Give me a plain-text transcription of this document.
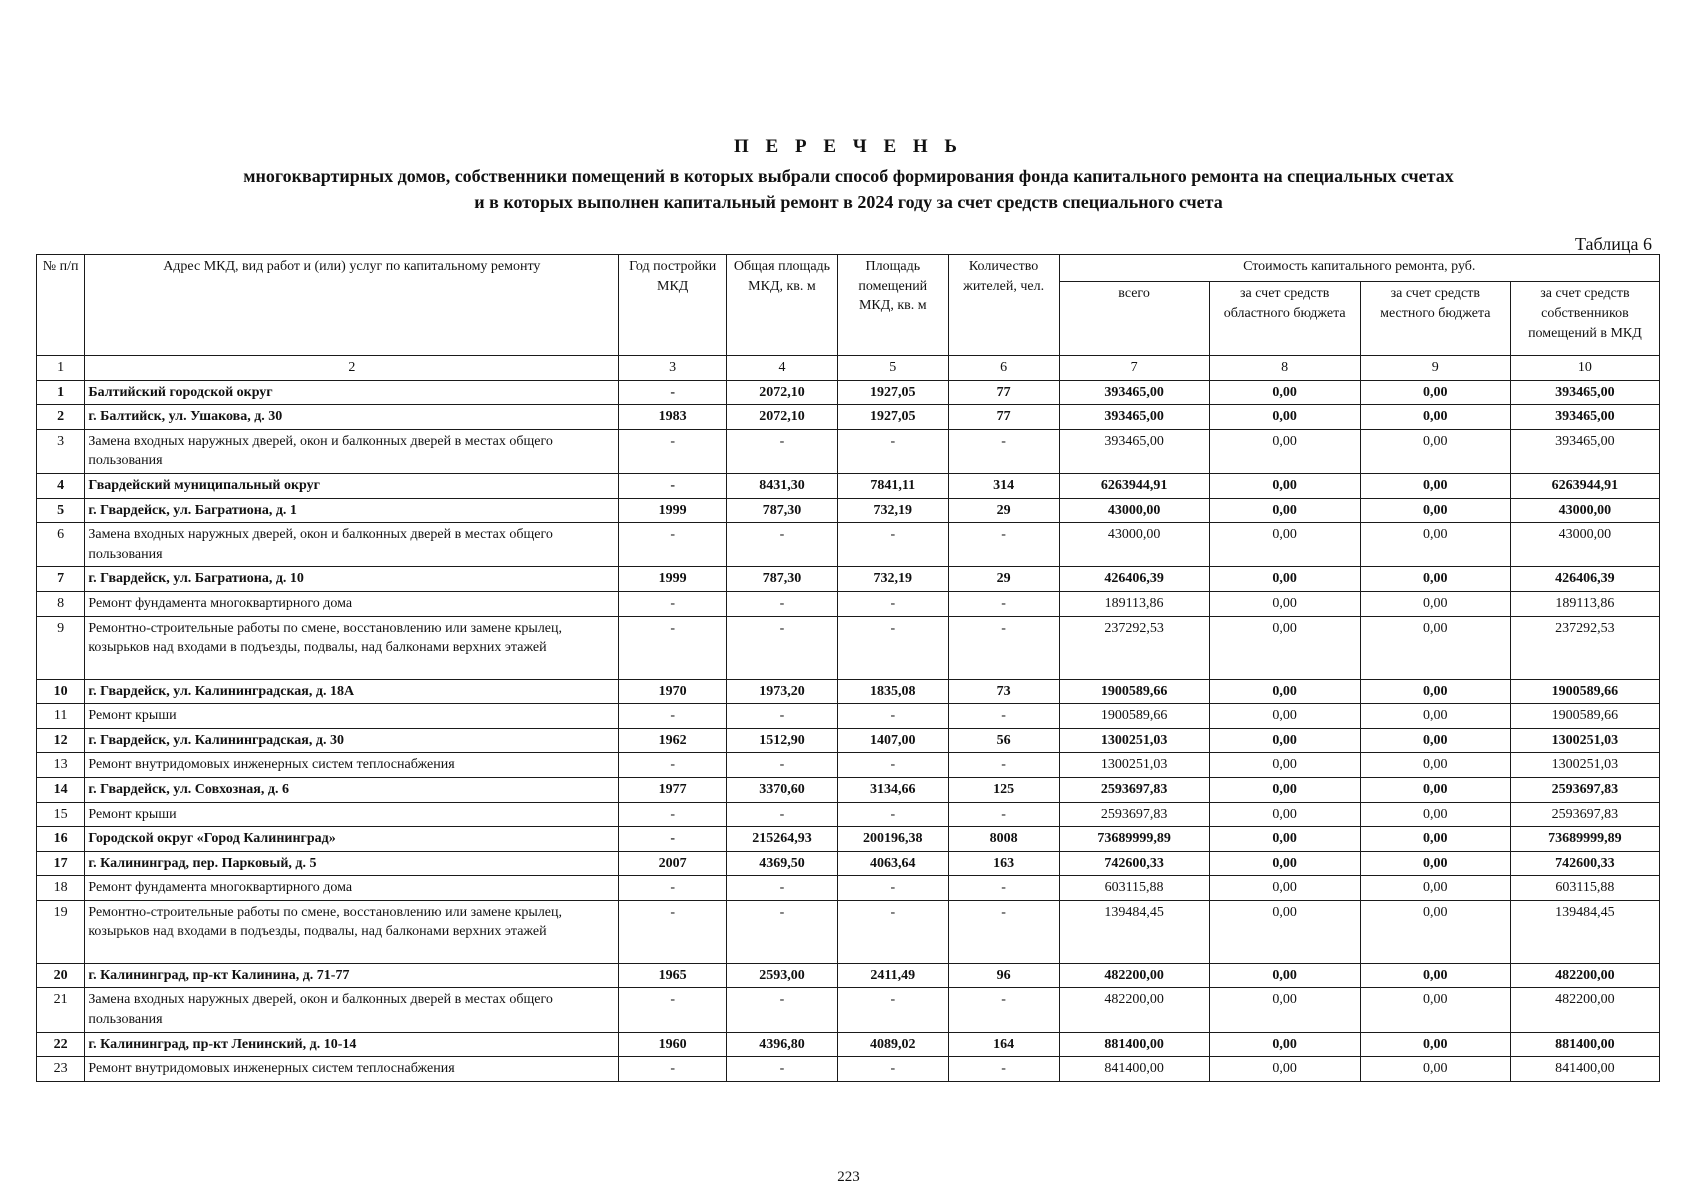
П Е Р Е Ч Е Н Ь
многоквартирных домов, собственники помещений в которых выбрали способ формирования фонда капитального ремонта на специальных счетах
и в которых выполнен капитальный ремонт в 2024 году за счет средств специального счета
Таблица 6
№ п/п	Адрес МКД, вид работ и (или) услуг по капитальному ремонту	Год постройки МКД	Общая площадь МКД, кв. м	Площадь помещений МКД, кв. м	Количество жителей, чел.	Стоимость капитального ремонта, руб.			
						всего	за счет средств областного бюджета	за счет средств местного бюджета	за счет средств собственников помещений в МКД
1	2	3	4	5	6	7	8	9	10
1	Балтийский городской округ	-	2072,10	1927,05	77	393465,00	0,00	0,00	393465,00
2	г. Балтийск, ул. Ушакова, д. 30	1983	2072,10	1927,05	77	393465,00	0,00	0,00	393465,00
3	Замена входных наружных дверей, окон и балконных дверей в местах общего пользования	-	-	-	-	393465,00	0,00	0,00	393465,00
4	Гвардейский муниципальный округ	-	8431,30	7841,11	314	6263944,91	0,00	0,00	6263944,91
5	г. Гвардейск, ул. Багратиона, д. 1	1999	787,30	732,19	29	43000,00	0,00	0,00	43000,00
6	Замена входных наружных дверей, окон и балконных дверей в местах общего пользования	-	-	-	-	43000,00	0,00	0,00	43000,00
7	г. Гвардейск, ул. Багратиона, д. 10	1999	787,30	732,19	29	426406,39	0,00	0,00	426406,39
8	Ремонт фундамента многоквартирного дома	-	-	-	-	189113,86	0,00	0,00	189113,86
9	Ремонтно-строительные работы по смене, восстановлению или замене крылец, козырьков над входами в подъезды, подвалы, над балконами верхних этажей	-	-	-	-	237292,53	0,00	0,00	237292,53
10	г. Гвардейск, ул. Калининградская, д. 18А	1970	1973,20	1835,08	73	1900589,66	0,00	0,00	1900589,66
11	Ремонт крыши	-	-	-	-	1900589,66	0,00	0,00	1900589,66
12	г. Гвардейск, ул. Калининградская, д. 30	1962	1512,90	1407,00	56	1300251,03	0,00	0,00	1300251,03
13	Ремонт внутридомовых инженерных систем теплоснабжения	-	-	-	-	1300251,03	0,00	0,00	1300251,03
14	г. Гвардейск, ул. Совхозная, д. 6	1977	3370,60	3134,66	125	2593697,83	0,00	0,00	2593697,83
15	Ремонт крыши	-	-	-	-	2593697,83	0,00	0,00	2593697,83
16	Городской округ «Город Калининград»	-	215264,93	200196,38	8008	73689999,89	0,00	0,00	73689999,89
17	г. Калининград, пер. Парковый, д. 5	2007	4369,50	4063,64	163	742600,33	0,00	0,00	742600,33
18	Ремонт фундамента многоквартирного дома	-	-	-	-	603115,88	0,00	0,00	603115,88
19	Ремонтно-строительные работы по смене, восстановлению или замене крылец, козырьков над входами в подъезды, подвалы, над балконами верхних этажей	-	-	-	-	139484,45	0,00	0,00	139484,45
20	г. Калининград, пр-кт Калинина, д. 71-77	1965	2593,00	2411,49	96	482200,00	0,00	0,00	482200,00
21	Замена входных наружных дверей, окон и балконных дверей в местах общего пользования	-	-	-	-	482200,00	0,00	0,00	482200,00
22	г. Калининград, пр-кт Ленинский, д. 10-14	1960	4396,80	4089,02	164	881400,00	0,00	0,00	881400,00
23	Ремонт внутридомовых инженерных систем теплоснабжения	-	-	-	-	841400,00	0,00	0,00	841400,00
223
